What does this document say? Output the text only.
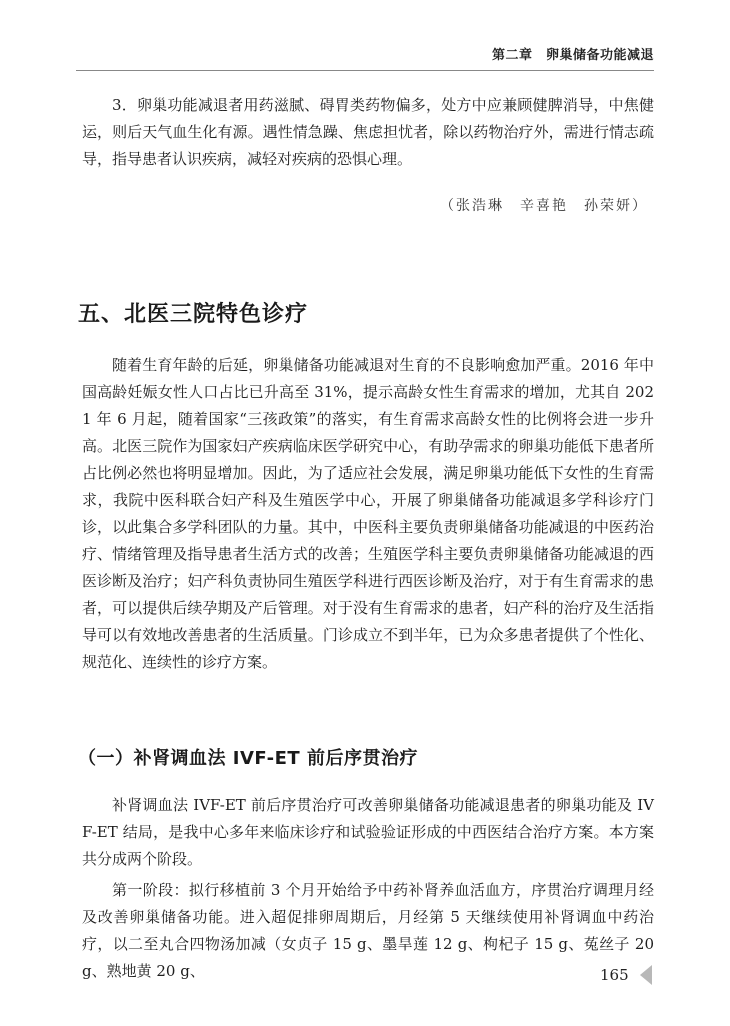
第二章　卵巢储备功能减退

3．卵巢功能减退者用药滋腻、碍胃类药物偏多，处方中应兼顾健脾消导，中焦健运，则后天气血生化有源。遇性情急躁、焦虑担忧者，除以药物治疗外，需进行情志疏导，指导患者认识疾病，减轻对疾病的恐惧心理。

（张浩琳　辛喜艳　孙荣妍）
五、北医三院特色诊疗

随着生育年龄的后延，卵巢储备功能减退对生育的不良影响愈加严重。2016 年中国高龄妊娠女性人口占比已升高至 31%，提示高龄女性生育需求的增加，尤其自 2021 年 6 月起，随着国家“三孩政策”的落实，有生育需求高龄女性的比例将会进一步升高。北医三院作为国家妇产疾病临床医学研究中心，有助孕需求的卵巢功能低下患者所占比例必然也将明显增加。因此，为了适应社会发展，满足卵巢功能低下女性的生育需求，我院中医科联合妇产科及生殖医学中心，开展了卵巢储备功能减退多学科诊疗门诊，以此集合多学科团队的力量。其中，中医科主要负责卵巢储备功能减退的中医药治疗、情绪管理及指导患者生活方式的改善；生殖医学科主要负责卵巢储备功能减退的西医诊断及治疗；妇产科负责协同生殖医学科进行西医诊断及治疗，对于有生育需求的患者，可以提供后续孕期及产后管理。对于没有生育需求的患者，妇产科的治疗及生活指导可以有效地改善患者的生活质量。门诊成立不到半年，已为众多患者提供了个性化、规范化、连续性的诊疗方案。

（一）补肾调血法 IVF-ET 前后序贯治疗

补肾调血法 IVF-ET 前后序贯治疗可改善卵巢储备功能减退患者的卵巢功能及 IVF-ET 结局，是我中心多年来临床诊疗和试验验证形成的中西医结合治疗方案。本方案共分成两个阶段。

第一阶段：拟行移植前 3 个月开始给予中药补肾养血活血方，序贯治疗调理月经及改善卵巢储备功能。进入超促排卵周期后，月经第 5 天继续使用补肾调血中药治疗，以二至丸合四物汤加减（女贞子 15 g、墨旱莲 12 g、枸杞子 15 g、菟丝子 20 g、熟地黄 20 g、	165
